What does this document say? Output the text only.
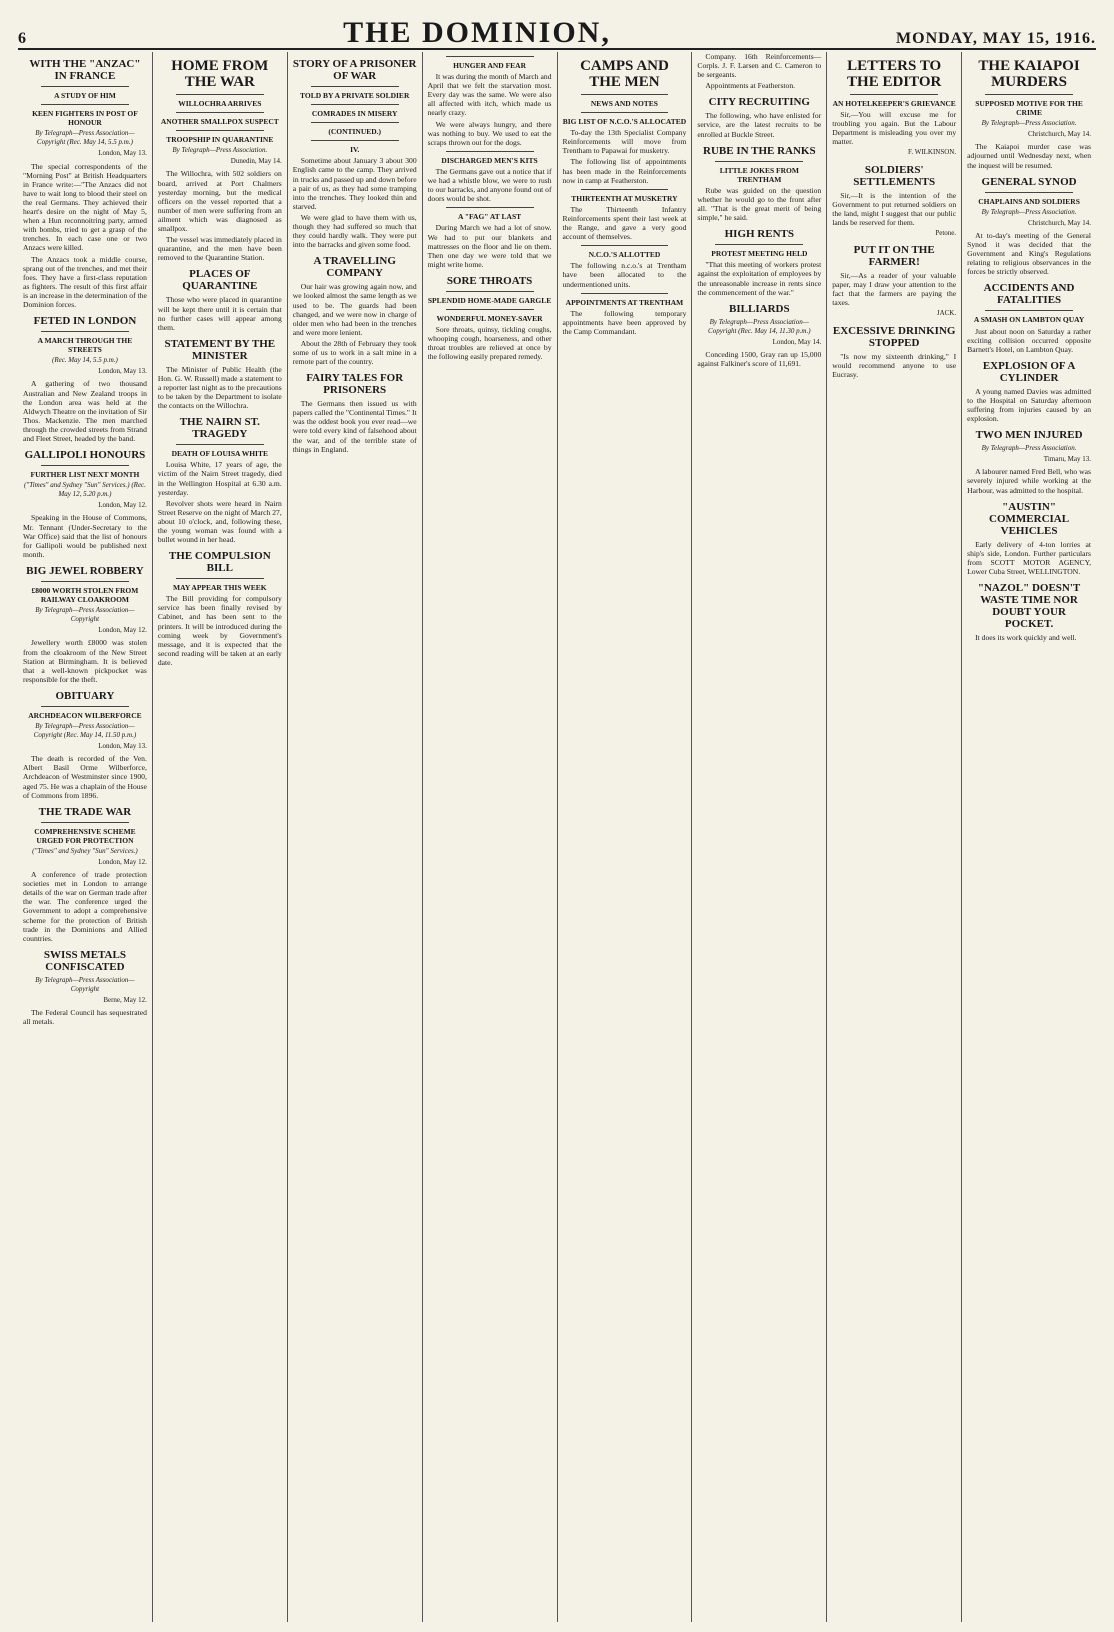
6	THE DOMINION,	MONDAY, MAY 15, 1916.
WITH THE "ANZAC" IN FRANCE
A STUDY OF HIM
KEEN FIGHTERS IN POST OF HONOUR
By Telegraph—Press Association—Copyright (Rec. May 14, 5.5 p.m.)
London, May 13.

The special correspondents of the "Morning Post" at British Headquarters in France write:—"The Anzacs did not have to wait long to blood their steel on the real Germans. They achieved their heart's desire on the night of May 5, when a Hun reconnoitring party, armed with bombs, tried to get a grasp of the trenches. In each case one or two Anzacs were killed.

The Anzacs took a middle course, sprang out of the trenches, and met their foes. They have a first-class reputation as fighters. The result of this first affair is an increase in the determination of the Dominion forces.

FETED IN LONDON
A MARCH THROUGH THE STREETS
(Rec. May 14, 5.5 p.m.)
London, May 13.

A gathering of two thousand Australian and New Zealand troops in the London area was held at the Aldwych Theatre on the invitation of Sir Thos. Mackenzie. The men marched through the crowded streets from Strand and Fleet Street, headed by the band.

GALLIPOLI HONOURS
FURTHER LIST NEXT MONTH
("Times" and Sydney "Sun" Services.) (Rec. May 12, 5.20 p.m.)
London, May 12.

Speaking in the House of Commons, Mr. Tennant (Under-Secretary to the War Office) said that the list of honours for Gallipoli would be published next month.

BIG JEWEL ROBBERY
£8000 WORTH STOLEN FROM RAILWAY CLOAKROOM
By Telegraph—Press Association—Copyright
London, May 12.

Jewellery worth £8000 was stolen from the cloakroom of the New Street Station at Birmingham. It is believed that a well-known pickpocket was responsible for the theft.

OBITUARY
ARCHDEACON WILBERFORCE
By Telegraph—Press Association—Copyright (Rec. May 14, 11.50 p.m.)
London, May 13.

The death is recorded of the Ven. Albert Basil Orme Wilberforce, Archdeacon of Westminster since 1900, aged 75. He was a chaplain of the House of Commons from 1896.

THE TRADE WAR
COMPREHENSIVE SCHEME URGED FOR PROTECTION
("Times" and Sydney "Sun" Services.)
London, May 12.

A conference of trade protection societies met in London to arrange details of the war on German trade after the war. The conference urged the Government to adopt a comprehensive scheme for the protection of British trade in the Dominions and Allied countries.

SWISS METALS CONFISCATED
By Telegraph—Press Association—Copyright
Berne, May 12.

The Federal Council has sequestrated all metals.

HOME FROM THE WAR
WILLOCHRA ARRIVES
ANOTHER SMALLPOX SUSPECT
TROOPSHIP IN QUARANTINE
By Telegraph—Press Association.
Dunedin, May 14.

The Willochra, with 502 soldiers on board, arrived at Port Chalmers yesterday morning, but the medical officers on the vessel reported that a number of men were suffering from an ailment which was diagnosed as smallpox.

The vessel was immediately placed in quarantine, and the men have been removed to the Quarantine Station.

PLACES OF QUARANTINE

Those who were placed in quarantine will be kept there until it is certain that no further cases will appear among them.

STATEMENT BY THE MINISTER

The Minister of Public Health (the Hon. G. W. Russell) made a statement to a reporter last night as to the precautions to be taken by the Department to isolate the contacts on the Willochra.

THE NAIRN ST. TRAGEDY
DEATH OF LOUISA WHITE

Louisa White, 17 years of age, the victim of the Nairn Street tragedy, died in the Wellington Hospital at 6.30 a.m. yesterday.

Revolver shots were heard in Nairn Street Reserve on the night of March 27, about 10 o'clock, and, following these, the young woman was found with a bullet wound in her head.

THE COMPULSION BILL
MAY APPEAR THIS WEEK

The Bill providing for compulsory service has been finally revised by Cabinet, and has been sent to the printers. It will be introduced during the coming week by Government's message, and it is expected that the second reading will be taken at an early date.

STORY OF A PRISONER OF WAR
TOLD BY A PRIVATE SOLDIER
COMRADES IN MISERY
(CONTINUED.)
IV.

Sometime about January 3 about 300 English came to the camp. They arrived in trucks and passed up and down before a pair of us, as they had some tramping into the trenches. They looked thin and starved.

We were glad to have them with us, though they had suffered so much that they could hardly walk. They were put into the barracks and given some food.

A TRAVELLING COMPANY

Our hair was growing again now, and we looked almost the same length as we used to be. The guards had been changed, and we were now in charge of older men who had been in the trenches and were more lenient.

About the 28th of February they took some of us to work in a salt mine in a remote part of the country.

FAIRY TALES FOR PRISONERS

The Germans then issued us with papers called the "Continental Times." It was the oddest book you ever read—we were told every kind of falsehood about the war, and of the terrible state of things in England.

HUNGER AND FEAR

It was during the month of March and April that we felt the starvation most. Every day was the same. We were also all affected with itch, which made us nearly crazy.

We were always hungry, and there was nothing to buy. We used to eat the scraps thrown out for the dogs.

DISCHARGED MEN'S KITS

The Germans gave out a notice that if we had a whistle blow, we were to rush to our barracks, and anyone found out of doors would be shot.

A "FAG" AT LAST

During March we had a lot of snow. We had to put our blankets and mattresses on the floor and lie on them. Then one day we were told that we might write home.

SORE THROATS
SPLENDID HOME-MADE GARGLE
WONDERFUL MONEY-SAVER

Sore throats, quinsy, tickling coughs, whooping cough, hoarseness, and other throat troubles are relieved at once by the following easily prepared remedy.

CAMPS AND THE MEN
NEWS AND NOTES
BIG LIST OF N.C.O.'S ALLOCATED

To-day the 13th Specialist Company Reinforcements will move from Trentham to Papawai for musketry.

The following list of appointments has been made in the Reinforcements now in camp at Featherston.

THIRTEENTH AT MUSKETRY

The Thirteenth Infantry Reinforcements spent their last week at the Range, and gave a very good account of themselves.

N.C.O.'S ALLOTTED

The following n.c.o.'s at Trentham have been allocated to the undermentioned units.

APPOINTMENTS AT TRENTHAM

The following temporary appointments have been approved by the Camp Commandant.

Company. 16th Reinforcements—Corpls. J. F. Larsen and C. Cameron to be sergeants.

Appointments at Featherston.

CITY RECRUITING

The following, who have enlisted for service, are the latest recruits to be enrolled at Buckle Street.

RUBE IN THE RANKS
LITTLE JOKES FROM TRENTHAM

Rube was guided on the question whether he would go to the front after all. "That is the great merit of being simple," he said.

HIGH RENTS
PROTEST MEETING HELD

"That this meeting of workers protest against the exploitation of employees by the unreasonable increase in rents since the commencement of the war."

BILLIARDS
By Telegraph—Press Association—Copyright (Rec. May 14, 11.30 p.m.)
London, May 14.

Conceding 1500, Gray ran up 15,000 against Falkiner's score of 11,691.

LETTERS TO THE EDITOR
AN HOTELKEEPER'S GRIEVANCE

Sir,—You will excuse me for troubling you again. But the Labour Department is misleading you over my matter.

F. WILKINSON.
SOLDIERS' SETTLEMENTS

Sir,—It is the intention of the Government to put returned soldiers on the land, might I suggest that our public lands be reserved for them.

Petone.
PUT IT ON THE FARMER!

Sir,—As a reader of your valuable paper, may I draw your attention to the fact that the farmers are paying the taxes.

JACK.
EXCESSIVE DRINKING STOPPED

"Is now my sixteenth drinking," I would recommend anyone to use Eucrasy.

THE KAIAPOI MURDERS
SUPPOSED MOTIVE FOR THE CRIME
By Telegraph—Press Association.
Christchurch, May 14.

The Kaiapoi murder case was adjourned until Wednesday next, when the inquest will be resumed.

GENERAL SYNOD
CHAPLAINS AND SOLDIERS
By Telegraph—Press Association.
Christchurch, May 14.

At to-day's meeting of the General Synod it was decided that the Government and King's Regulations relating to religious observances in the forces be strictly observed.

ACCIDENTS AND FATALITIES
A SMASH ON LAMBTON QUAY

Just about noon on Saturday a rather exciting collision occurred opposite Barnett's Hotel, on Lambton Quay.

EXPLOSION OF A CYLINDER

A young named Davies was admitted to the Hospital on Saturday afternoon suffering from injuries caused by an explosion.

TWO MEN INJURED
By Telegraph—Press Association.
Timaru, May 13.

A labourer named Fred Bell, who was severely injured while working at the Harbour, was admitted to the hospital.

"AUSTIN" COMMERCIAL VEHICLES

Early delivery of 4-ton lorries at ship's side, London. Further particulars from SCOTT MOTOR AGENCY, Lower Cuba Street, WELLINGTON.

"NAZOL" DOESN'T WASTE TIME NOR DOUBT YOUR POCKET.

It does its work quickly and well.
